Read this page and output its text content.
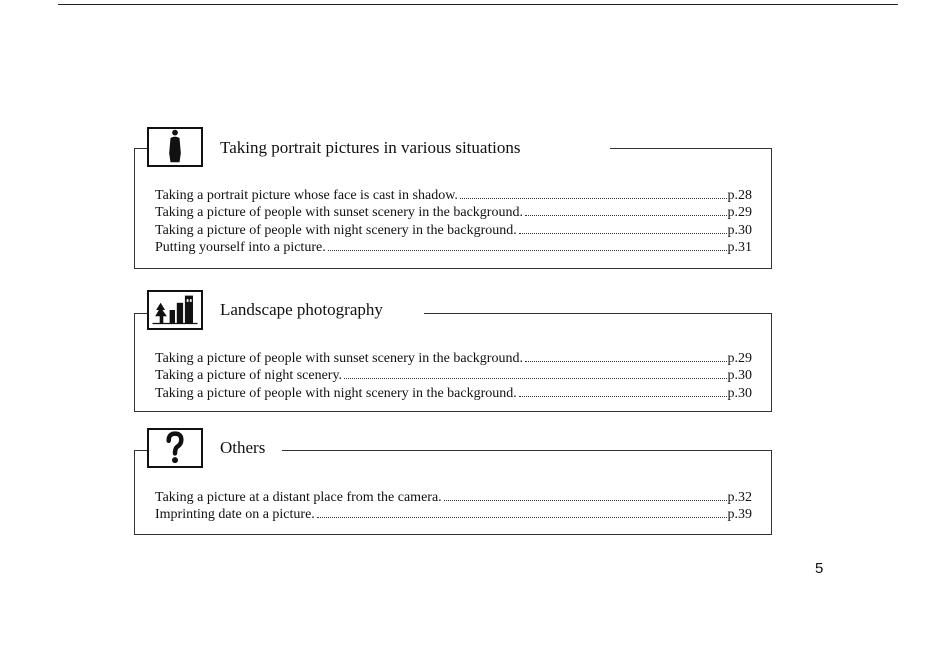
Taking portrait pictures in various situations
Taking a portrait picture whose face is cast in shadow.	p.28
Taking a picture of people with sunset scenery in the background.	p.29
Taking a picture of people with night scenery in the background.	p.30
Putting yourself into a picture.	p.31
Landscape photography
Taking a picture of people with sunset scenery in the background.	p.29
Taking a picture of night scenery.	p.30
Taking a picture of people with night scenery in the background.	p.30
Others
Taking a picture at a distant place from the camera.	p.32
Imprinting date on a picture.	p.39
5
